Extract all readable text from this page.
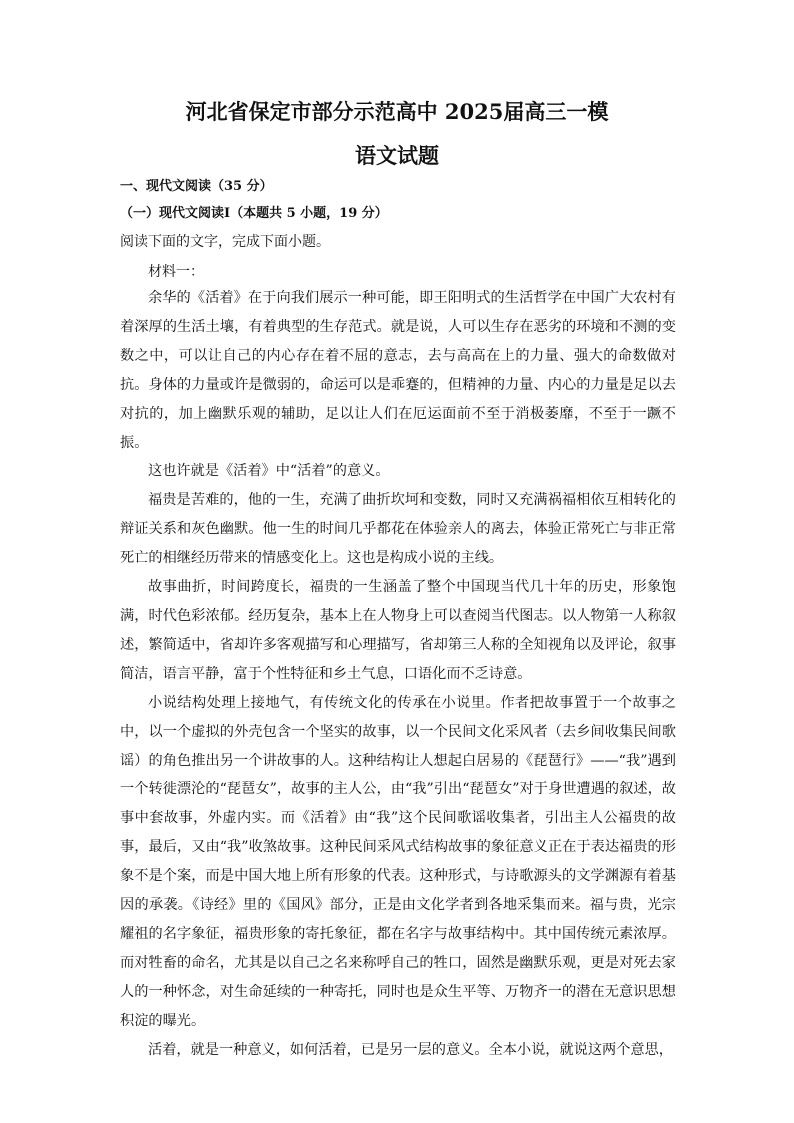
河北省保定市部分示范高中 2025届高三一模
语文试题
一、现代文阅读（35 分）
（一）现代文阅读Ⅰ（本题共 5 小题，19 分）
阅读下面的文字，完成下面小题。
材料一：

余华的《活着》在于向我们展示一种可能，即王阳明式的生活哲学在中国广大农村有着深厚的生活土壤，有着典型的生存范式。就是说，人可以生存在恶劣的环境和不测的变数之中，可以让自己的内心存在着不屈的意志，去与高高在上的力量、强大的命数做对抗。身体的力量或许是微弱的，命运可以是乖蹇的，但精神的力量、内心的力量是足以去对抗的，加上幽默乐观的辅助，足以让人们在厄运面前不至于消极萎靡，不至于一蹶不振。

这也许就是《活着》中“活着”的意义。

福贵是苦难的，他的一生，充满了曲折坎坷和变数，同时又充满祸福相依互相转化的辩证关系和灰色幽默。他一生的时间几乎都花在体验亲人的离去，体验正常死亡与非正常死亡的相继经历带来的情感变化上。这也是构成小说的主线。

故事曲折，时间跨度长，福贵的一生涵盖了整个中国现当代几十年的历史，形象饱满，时代色彩浓郁。经历复杂，基本上在人物身上可以查阅当代图志。以人物第一人称叙述，繁简适中，省却许多客观描写和心理描写，省却第三人称的全知视角以及评论，叙事简洁，语言平静，富于个性特征和乡土气息，口语化而不乏诗意。

小说结构处理上接地气，有传统文化的传承在小说里。作者把故事置于一个故事之中，以一个虚拟的外壳包含一个坚实的故事，以一个民间文化采风者（去乡间收集民间歌谣）的角色推出另一个讲故事的人。这种结构让人想起白居易的《琵琶行》——“我”遇到一个转徙漂沦的“琵琶女”，故事的主人公，由“我”引出“琵琶女”对于身世遭遇的叙述，故事中套故事，外虚内实。而《活着》由“我”这个民间歌谣收集者，引出主人公福贵的故事，最后，又由“我”收煞故事。这种民间采风式结构故事的象征意义正在于表达福贵的形象不是个案，而是中国大地上所有形象的代表。这种形式，与诗歌源头的文学渊源有着基因的承袭。《诗经》里的《国风》部分，正是由文化学者到各地采集而来。福与贵，光宗耀祖的名字象征，福贵形象的寄托象征，都在名字与故事结构中。其中国传统元素浓厚。而对牲畜的命名，尤其是以自己之名来称呼自己的牲口，固然是幽默乐观，更是对死去家人的一种怀念，对生命延续的一种寄托，同时也是众生平等、万物齐一的潜在无意识思想积淀的曝光。

活着，就是一种意义，如何活着，已是另一层的意义。全本小说，就说这两个意思，
